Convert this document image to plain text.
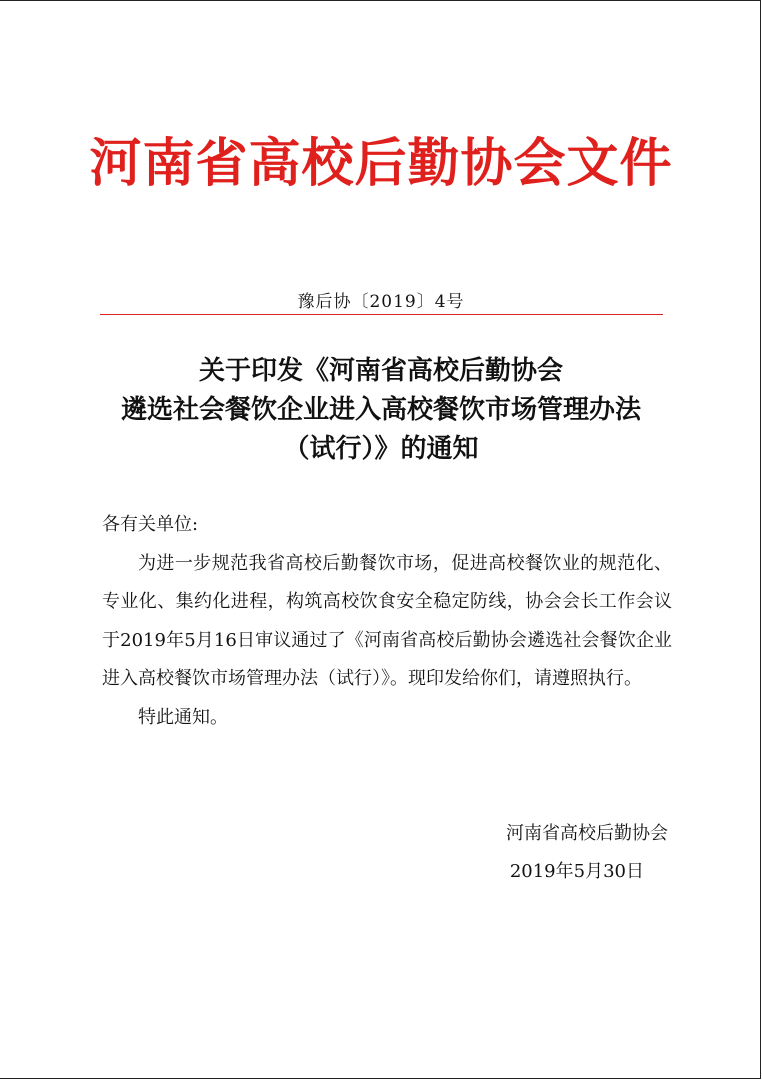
河南省高校后勤协会文件
豫后协〔2019〕4号
关于印发《河南省高校后勤协会
遴选社会餐饮企业进入高校餐饮市场管理办法
（试行）》的通知

各有关单位:

为进一步规范我省高校后勤餐饮市场，促进高校餐饮业的规范化、专业化、集约化进程，构筑高校饮食安全稳定防线，协会会长工作会议于2019年5月16日审议通过了《河南省高校后勤协会遴选社会餐饮企业进入高校餐饮市场管理办法（试行）》。现印发给你们，请遵照执行。

特此通知。

河南省高校后勤协会
2019年5月30日
